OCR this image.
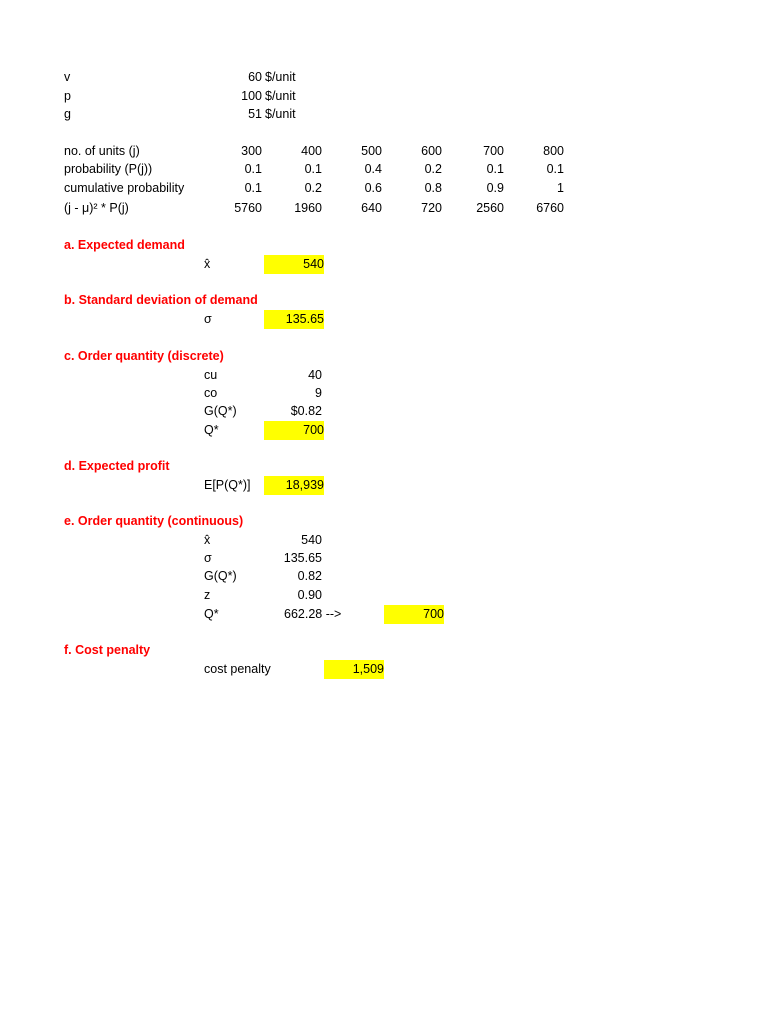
v	60 $/unit
p	100 $/unit
g	51 $/unit
no. of units (j)	300	400	500	600	700	800
probability (P(j))	0.1	0.1	0.4	0.2	0.1	0.1
cumulative probability	0.1	0.2	0.6	0.8	0.9	1
(j - μ)² * P(j)	5760	1960	640	720	2560	6760
a. Expected demand
x̂	540
b. Standard deviation of demand
σ	135.65
c. Order quantity (discrete)
cu	40
co	9
G(Q*)	$0.82
Q*	700
d. Expected profit
E[P(Q*)]	18,939
e. Order quantity (continuous)
x̂	540
σ	135.65
G(Q*)	0.82
z	0.90
Q*	662.28 -->	700
f. Cost penalty
cost penalty	1,509
